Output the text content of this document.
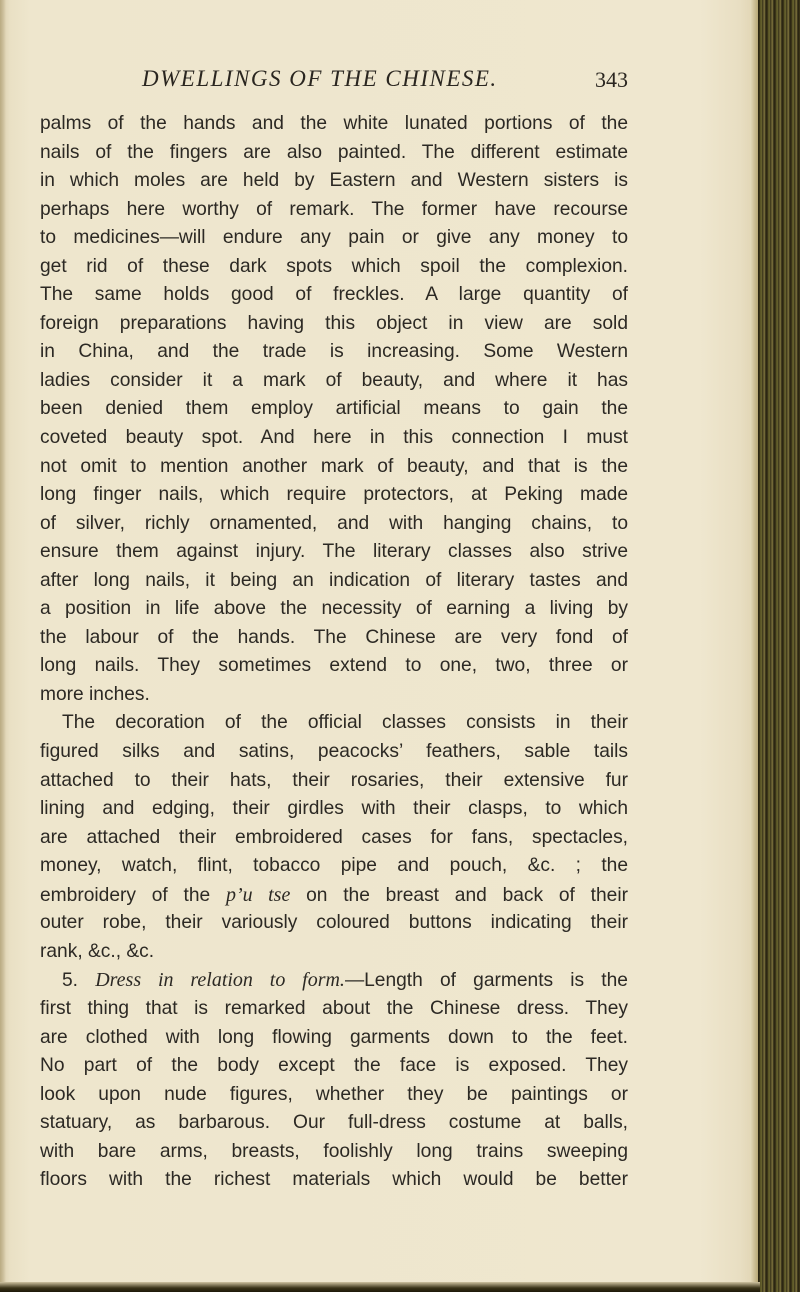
DWELLINGS OF THE CHINESE.	343
palms of the hands and the white lunated portions of the
nails of the fingers are also painted. The different estimate
in which moles are held by Eastern and Western sisters is
perhaps here worthy of remark. The former have recourse
to medicines—will endure any pain or give any money to
get rid of these dark spots which spoil the complexion.
The same holds good of freckles. A large quantity of
foreign preparations having this object in view are sold
in China, and the trade is increasing. Some Western
ladies consider it a mark of beauty, and where it has
been denied them employ artificial means to gain the
coveted beauty spot. And here in this connection I must
not omit to mention another mark of beauty, and that is the
long finger nails, which require protectors, at Peking made
of silver, richly ornamented, and with hanging chains, to
ensure them against injury. The literary classes also strive
after long nails, it being an indication of literary tastes and
a position in life above the necessity of earning a living by
the labour of the hands. The Chinese are very fond of
long nails. They sometimes extend to one, two, three or
more inches.
The decoration of the official classes consists in their
figured silks and satins, peacocks’ feathers, sable tails
attached to their hats, their rosaries, their extensive fur
lining and edging, their girdles with their clasps, to which
are attached their embroidered cases for fans, spectacles,
money, watch, flint, tobacco pipe and pouch, &c. ; the
embroidery of the p’u tse on the breast and back of their
outer robe, their variously coloured buttons indicating their
rank, &c., &c.
5. Dress in relation to form.—Length of garments is the
first thing that is remarked about the Chinese dress. They
are clothed with long flowing garments down to the feet.
No part of the body except the face is exposed. They
look upon nude figures, whether they be paintings or
statuary, as barbarous. Our full-dress costume at balls,
with bare arms, breasts, foolishly long trains sweeping
floors with the richest materials which would be better
